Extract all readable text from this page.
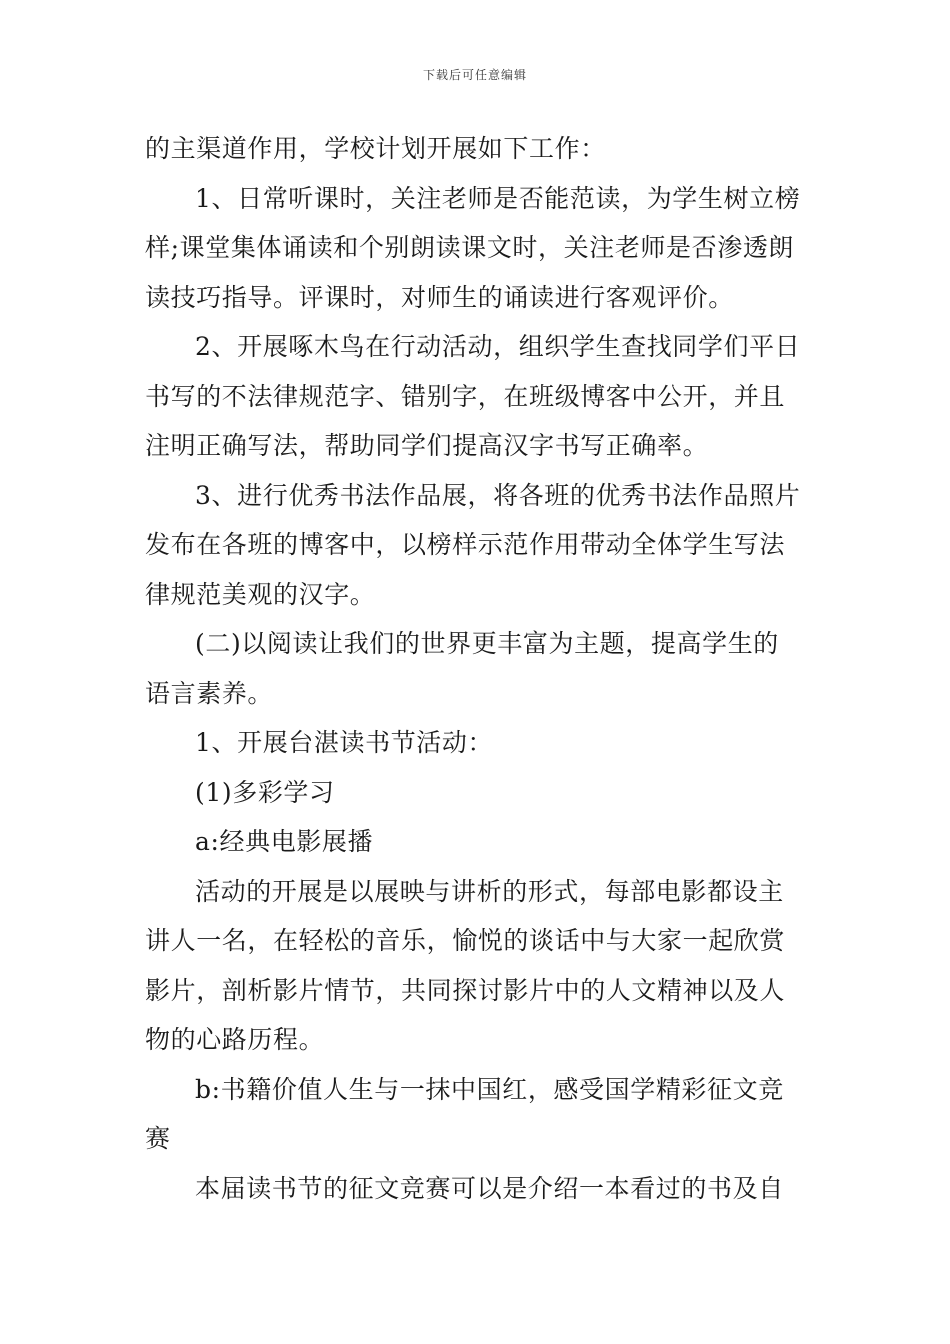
下载后可任意编辑
的主渠道作用，学校计划开展如下工作：
1、日常听课时，关注老师是否能范读，为学生树立榜
样;课堂集体诵读和个别朗读课文时，关注老师是否渗透朗
读技巧指导。评课时，对师生的诵读进行客观评价。
2、开展啄木鸟在行动活动，组织学生查找同学们平日
书写的不法律规范字、错别字，在班级博客中公开，并且
注明正确写法，帮助同学们提高汉字书写正确率。
3、进行优秀书法作品展，将各班的优秀书法作品照片
发布在各班的博客中，以榜样示范作用带动全体学生写法
律规范美观的汉字。
(二)以阅读让我们的世界更丰富为主题，提高学生的
语言素养。
1、开展台湛读书节活动：
(1)多彩学习
a:经典电影展播
活动的开展是以展映与讲析的形式，每部电影都设主
讲人一名，在轻松的音乐，愉悦的谈话中与大家一起欣赏
影片，剖析影片情节，共同探讨影片中的人文精神以及人
物的心路历程。
b:书籍价值人生与一抹中国红，感受国学精彩征文竞
赛
本届读书节的征文竞赛可以是介绍一本看过的书及自
